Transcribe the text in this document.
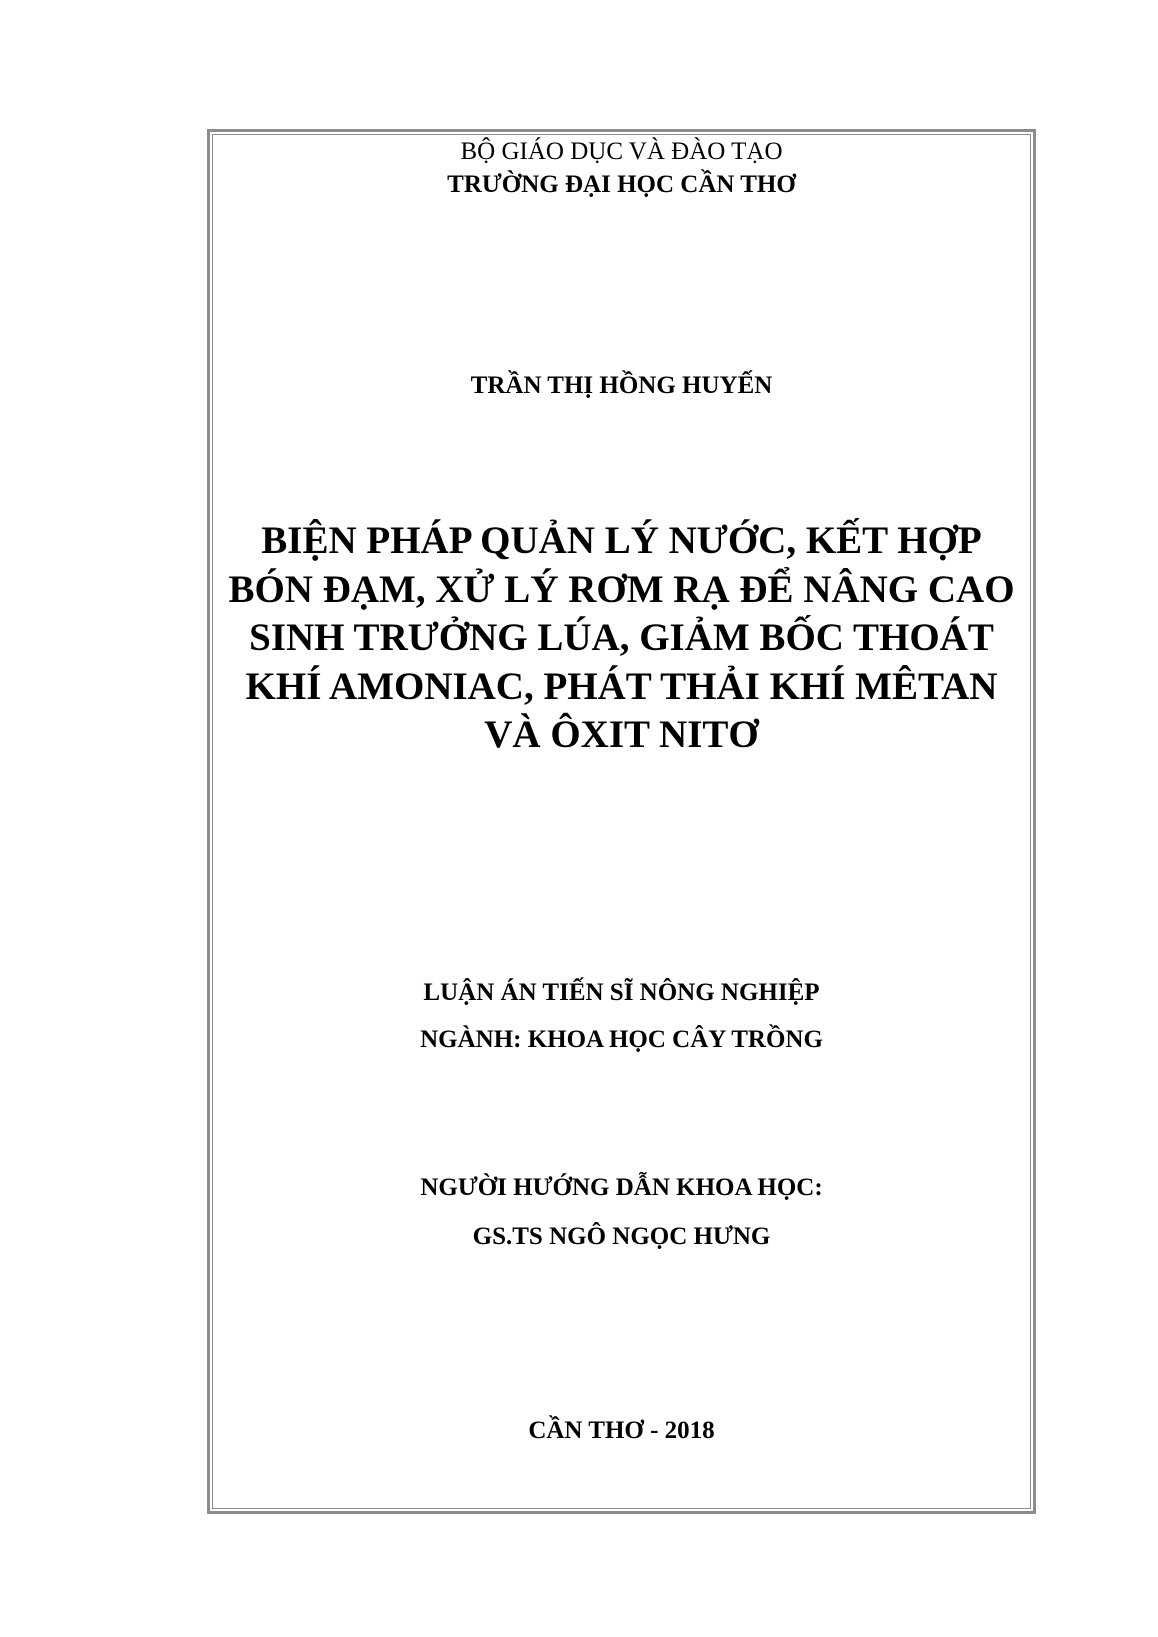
BỘ GIÁO DỤC VÀ ĐÀO TẠO
TRƯỜNG ĐẠI HỌC CẦN THƠ
TRẦN THỊ HỒNG HUYẾN
BIỆN PHÁP QUẢN LÝ NƯỚC, KẾT HỢP
BÓN ĐẠM, XỬ LÝ RƠM RẠ ĐỂ NÂNG CAO
SINH TRƯỞNG LÚA, GIẢM BỐC THOÁT
KHÍ AMONIAC, PHÁT THẢI KHÍ MÊTAN
VÀ ÔXIT NITƠ
LUẬN ÁN TIẾN SĨ NÔNG NGHIỆP
NGÀNH: KHOA HỌC CÂY TRỒNG
NGƯỜI HƯỚNG DẪN KHOA HỌC:
GS.TS NGÔ NGỌC HƯNG
CẦN THƠ - 2018
